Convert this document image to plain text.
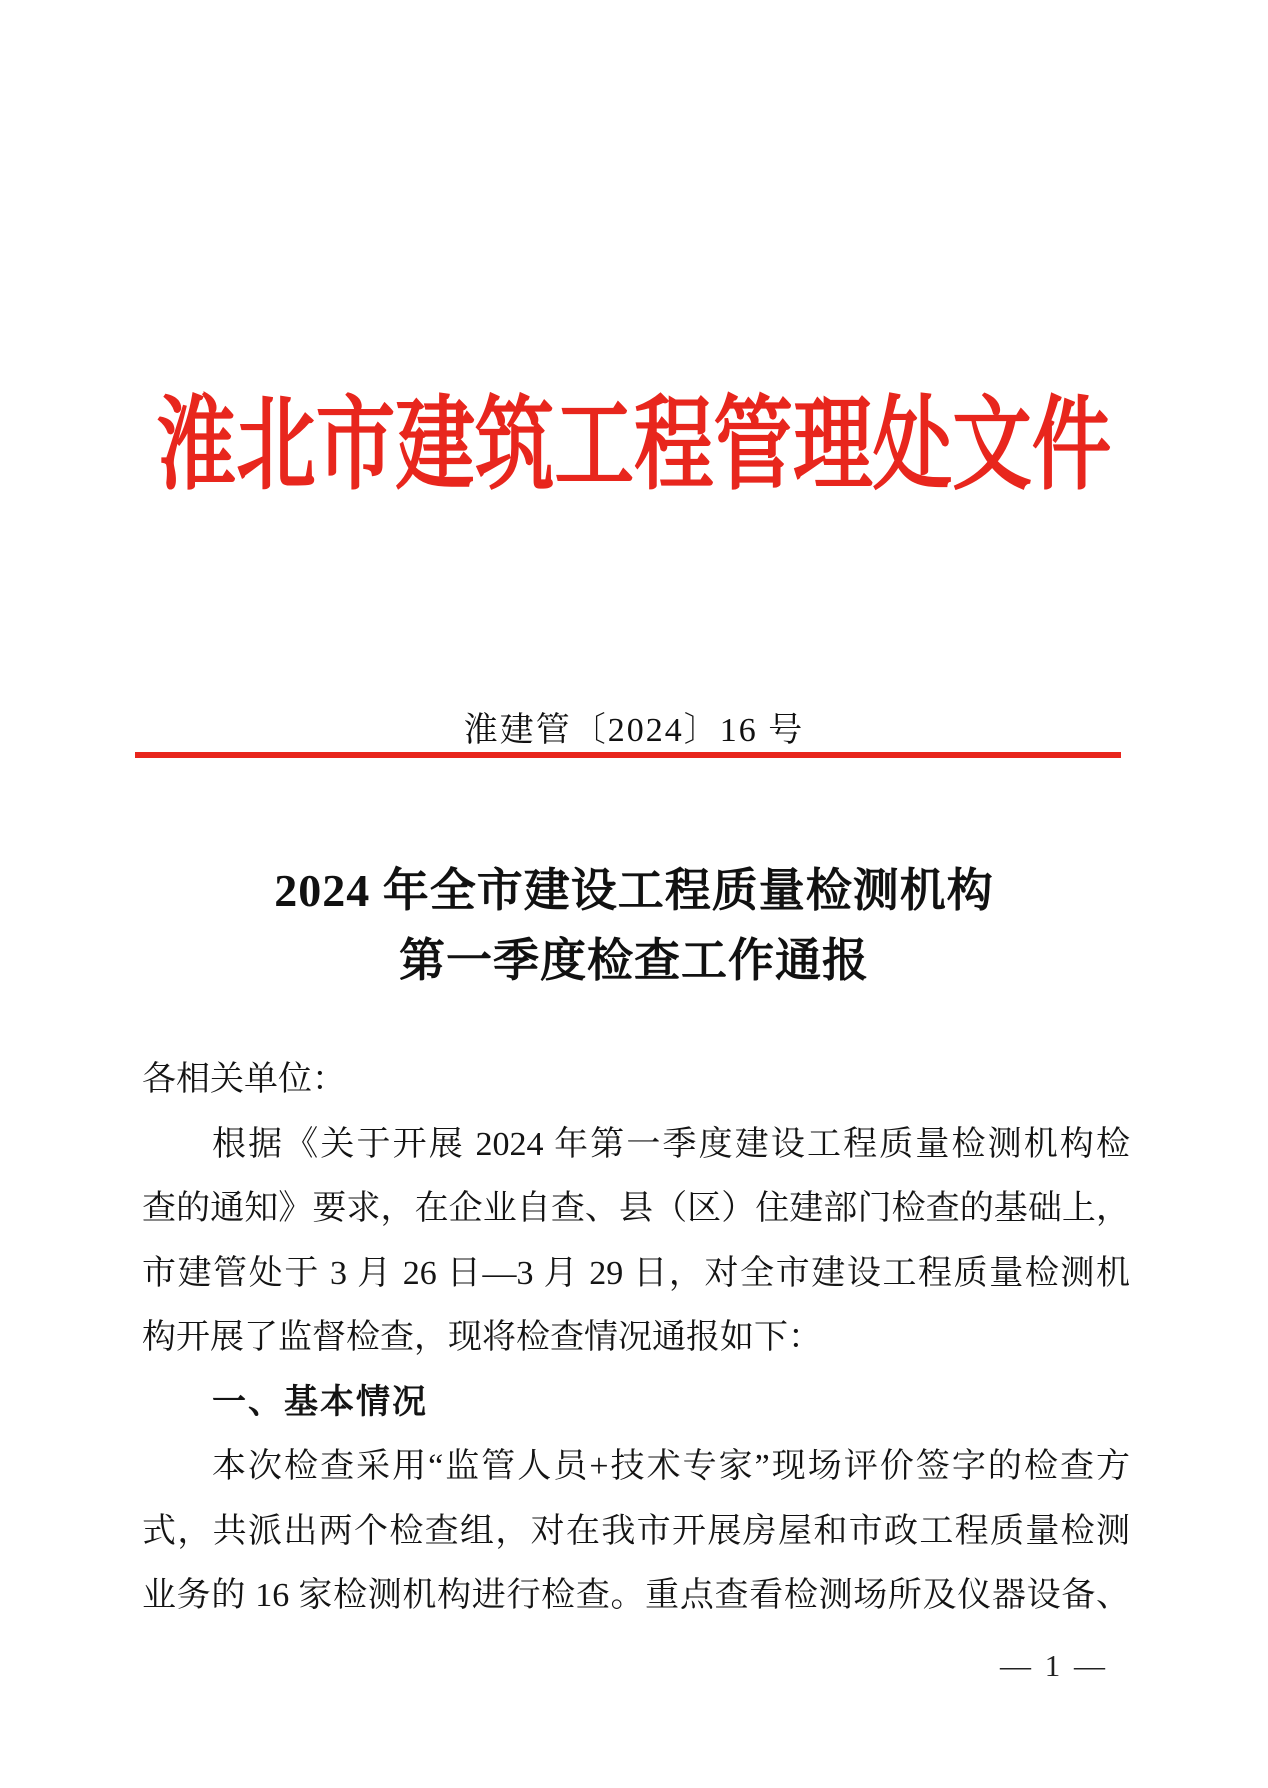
淮北市建筑工程管理处文件
淮建管〔2024〕16 号
2024 年全市建设工程质量检测机构
第一季度检查工作通报
各相关单位：
根据《关于开展 2024 年第一季度建设工程质量检测机构检
查的通知》要求，在企业自查、县（区）住建部门检查的基础上，
市建管处于 3 月 26 日—3 月 29 日，对全市建设工程质量检测机
构开展了监督检查，现将检查情况通报如下：
一、基本情况
本次检查采用“监管人员+技术专家”现场评价签字的检查方
式，共派出两个检查组，对在我市开展房屋和市政工程质量检测
业务的 16 家检测机构进行检查。重点查看检测场所及仪器设备、
— 1 —
